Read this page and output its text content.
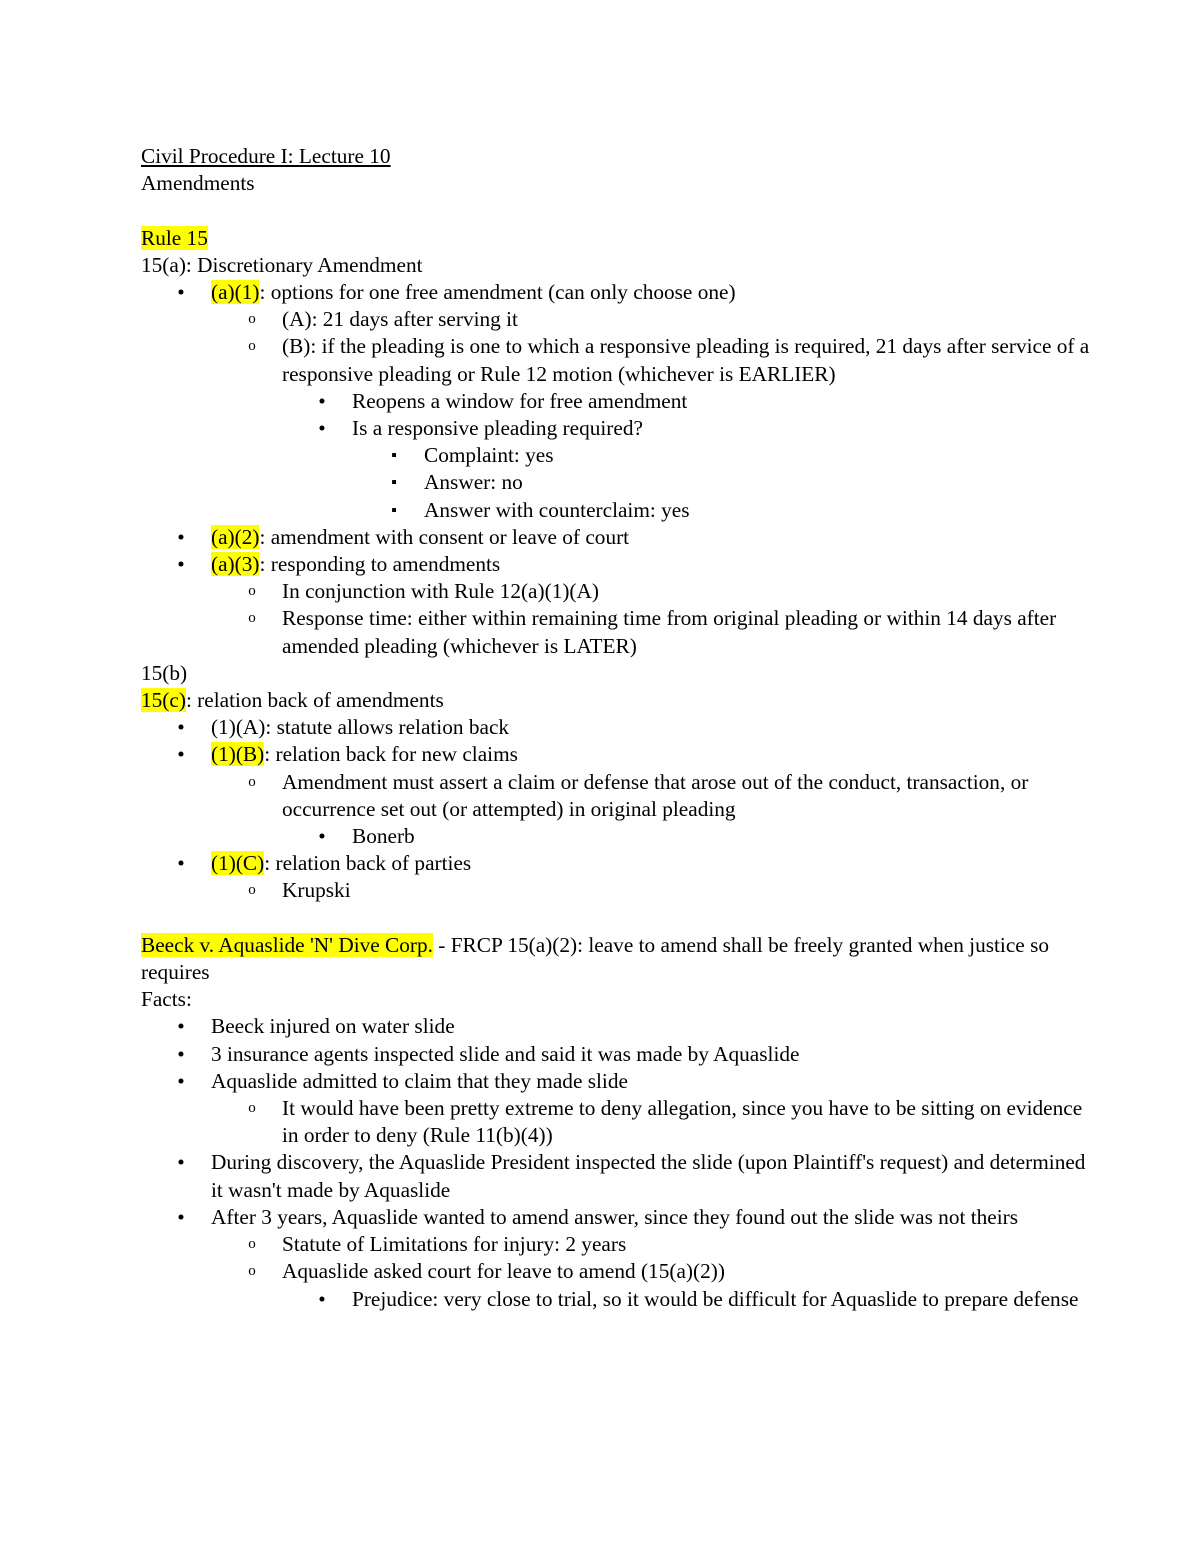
Civil Procedure I: Lecture 10
Amendments
Rule 15
15(a): Discretionary Amendment
• (a)(1): options for one free amendment (can only choose one)
o (A): 21 days after serving it
o (B): if the pleading is one to which a responsive pleading is required, 21 days after service of a responsive pleading or Rule 12 motion (whichever is EARLIER)
• Reopens a window for free amendment
• Is a responsive pleading required?
▪	Complaint: yes
▪	Answer: no
▪	Answer with counterclaim: yes
• (a)(2): amendment with consent or leave of court
• (a)(3): responding to amendments
o In conjunction with Rule 12(a)(1)(A)
o Response time: either within remaining time from original pleading or within 14 days after amended pleading (whichever is LATER)
15(b)
15(c): relation back of amendments
• (1)(A): statute allows relation back
• (1)(B): relation back for new claims
o Amendment must assert a claim or defense that arose out of the conduct, transaction, or occurrence set out (or attempted) in original pleading
• Bonerb
• (1)(C): relation back of parties
o Krupski
Beeck v. Aquaslide 'N' Dive Corp. - FRCP 15(a)(2): leave to amend shall be freely granted when justice so requires
Facts:
• Beeck injured on water slide
• 3 insurance agents inspected slide and said it was made by Aquaslide
• Aquaslide admitted to claim that they made slide
o It would have been pretty extreme to deny allegation, since you have to be sitting on evidence in order to deny (Rule 11(b)(4))
• During discovery, the Aquaslide President inspected the slide (upon Plaintiff's request) and determined it wasn't made by Aquaslide
• After 3 years, Aquaslide wanted to amend answer, since they found out the slide was not theirs
o Statute of Limitations for injury: 2 years
o Aquaslide asked court for leave to amend (15(a)(2))
• Prejudice: very close to trial, so it would be difficult for Aquaslide to prepare defense
